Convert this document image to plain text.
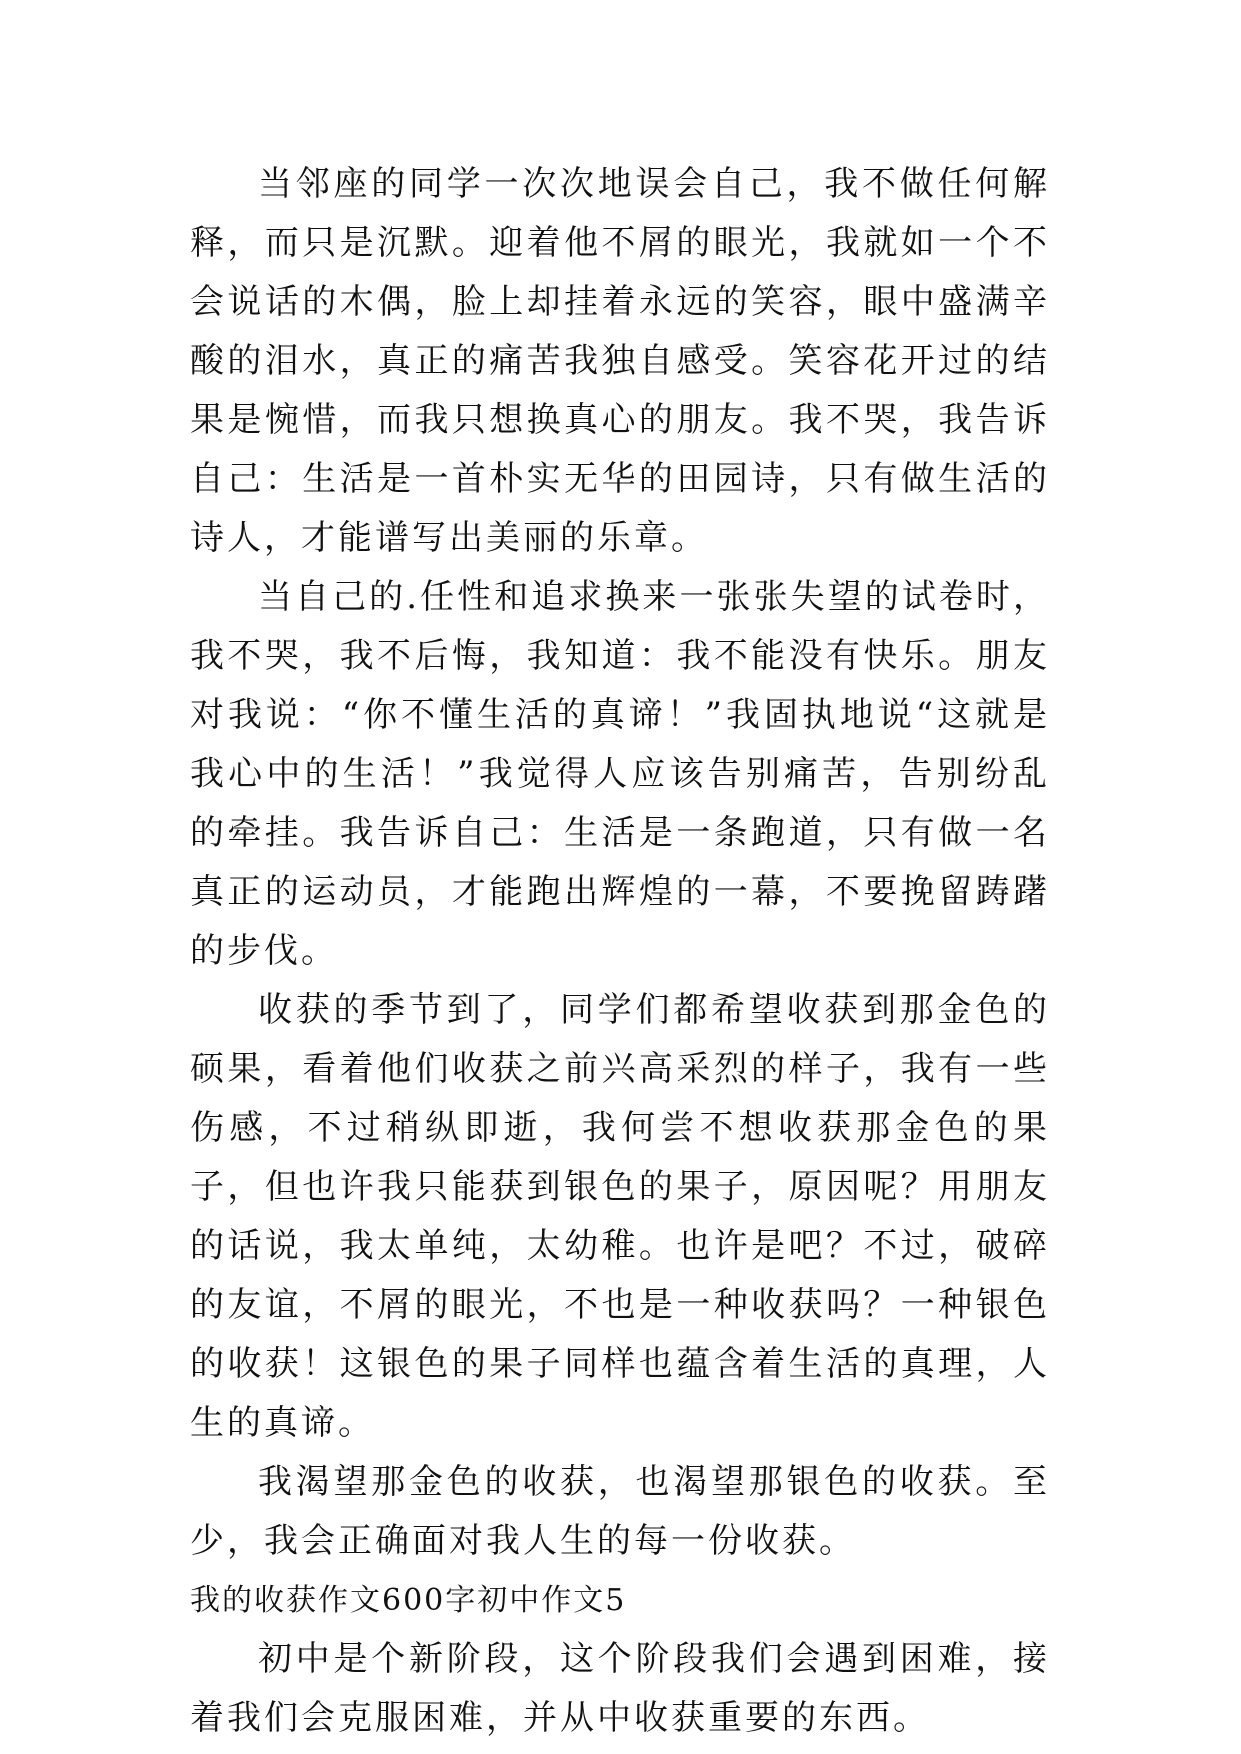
当邻座的同学一次次地误会自己，我不做任何解释，而只是沉默。迎着他不屑的眼光，我就如一个不会说话的木偶，脸上却挂着永远的笑容，眼中盛满辛酸的泪水，真正的痛苦我独自感受。笑容花开过的结果是惋惜，而我只想换真心的朋友。我不哭，我告诉自己：生活是一首朴实无华的田园诗，只有做生活的诗人，才能谱写出美丽的乐章。

当自己的.任性和追求换来一张张失望的试卷时，我不哭，我不后悔，我知道：我不能没有快乐。朋友对我说：“你不懂生活的真谛！”我固执地说“这就是我心中的生活！”我觉得人应该告别痛苦，告别纷乱的牵挂。我告诉自己：生活是一条跑道，只有做一名真正的运动员，才能跑出辉煌的一幕，不要挽留踌躇的步伐。

收获的季节到了，同学们都希望收获到那金色的硕果，看着他们收获之前兴高采烈的样子，我有一些伤感，不过稍纵即逝，我何尝不想收获那金色的果子，但也许我只能获到银色的果子，原因呢？用朋友的话说，我太单纯，太幼稚。也许是吧？不过，破碎的友谊，不屑的眼光，不也是一种收获吗？一种银色的收获！这银色的果子同样也蕴含着生活的真理，人生的真谛。

我渴望那金色的收获，也渴望那银色的收获。至少，我会正确面对我人生的每一份收获。

我的收获作文600字初中作文5

初中是个新阶段，这个阶段我们会遇到困难，接着我们会克服困难，并从中收获重要的东西。
